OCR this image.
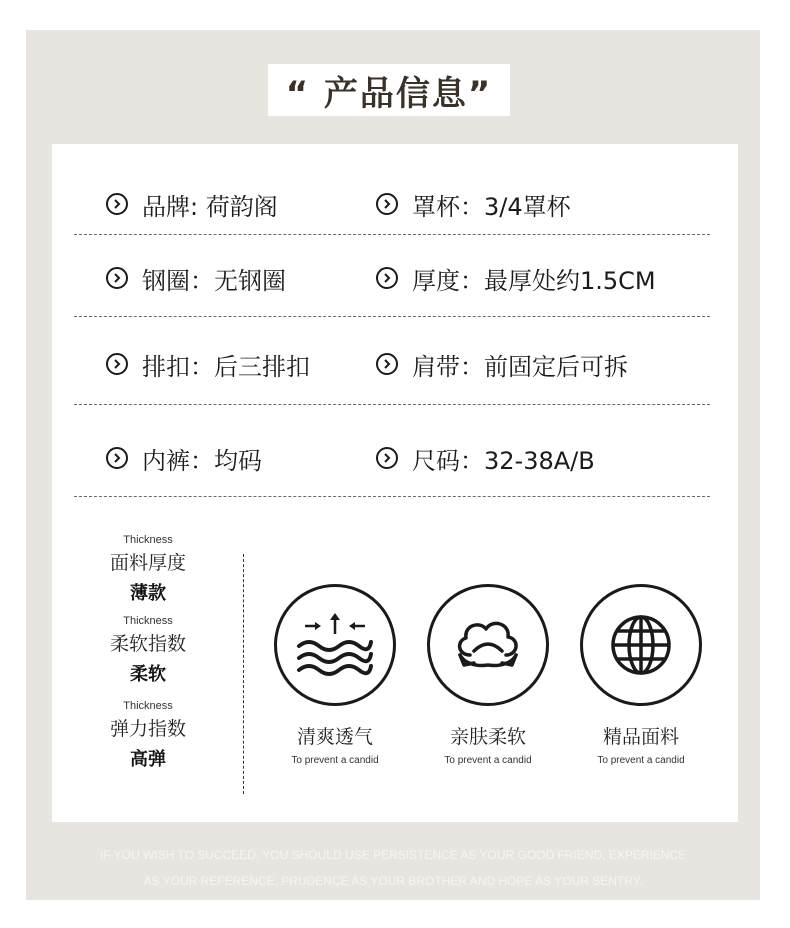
“ 产品信息”
品牌: 荷韵阁	罩杯：3/4罩杯
钢圈：无钢圈	厚度：最厚处约1.5CM
排扣：后三排扣	肩带：前固定后可拆
内裤：均码	尺码：32-38A/B
Thickness
面料厚度
薄款
Thickness
柔软指数
柔软
Thickness
弹力指数
高弹
清爽透气
To prevent a candid
亲肤柔软
To prevent a candid
精品面料
To prevent a candid
IF YOU WISH TO SUCCEED, YOU SHOULD USE PERSISTENCE AS YOUR GOOD FRIEND, EXPERIENCE
AS YOUR REFERENCE, PRUDENCE AS YOUR BROTHER AND HOPE AS YOUR SENTRY.
